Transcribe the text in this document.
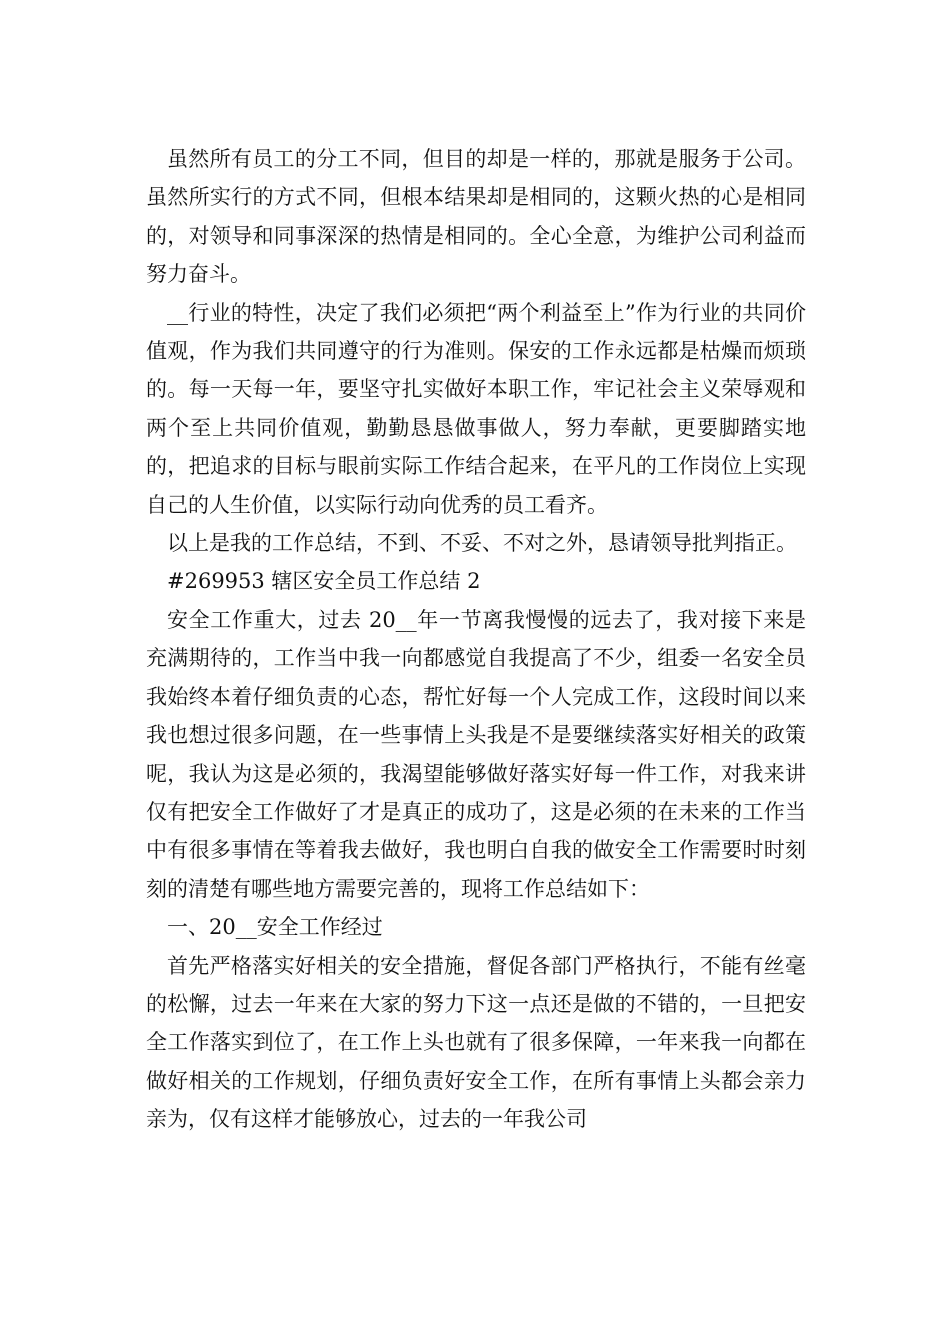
虽然所有员工的分工不同，但目的却是一样的，那就是服务于公司。虽然所实行的方式不同，但根本结果却是相同的，这颗火热的心是相同的，对领导和同事深深的热情是相同的。全心全意，为维护公司利益而努力奋斗。

__行业的特性，决定了我们必须把“两个利益至上”作为行业的共同价值观，作为我们共同遵守的行为准则。保安的工作永远都是枯燥而烦琐的。每一天每一年，要坚守扎实做好本职工作，牢记社会主义荣辱观和两个至上共同价值观，勤勤恳恳做事做人，努力奉献，更要脚踏实地的，把追求的目标与眼前实际工作结合起来，在平凡的工作岗位上实现自己的人生价值，以实际行动向优秀的员工看齐。

以上是我的工作总结，不到、不妥、不对之外，恳请领导批判指正。

#269953 辖区安全员工作总结 2

安全工作重大，过去 20__年一节离我慢慢的远去了，我对接下来是充满期待的，工作当中我一向都感觉自我提高了不少，组委一名安全员我始终本着仔细负责的心态，帮忙好每一个人完成工作，这段时间以来我也想过很多问题，在一些事情上头我是不是要继续落实好相关的政策呢，我认为这是必须的，我渴望能够做好落实好每一件工作，对我来讲仅有把安全工作做好了才是真正的成功了，这是必须的在未来的工作当中有很多事情在等着我去做好，我也明白自我的做安全工作需要时时刻刻的清楚有哪些地方需要完善的，现将工作总结如下：

一、20__安全工作经过

首先严格落实好相关的安全措施，督促各部门严格执行，不能有丝毫的松懈，过去一年来在大家的努力下这一点还是做的不错的，一旦把安全工作落实到位了，在工作上头也就有了很多保障，一年来我一向都在做好相关的工作规划，仔细负责好安全工作，在所有事情上头都会亲力亲为，仅有这样才能够放心，过去的一年我公司
